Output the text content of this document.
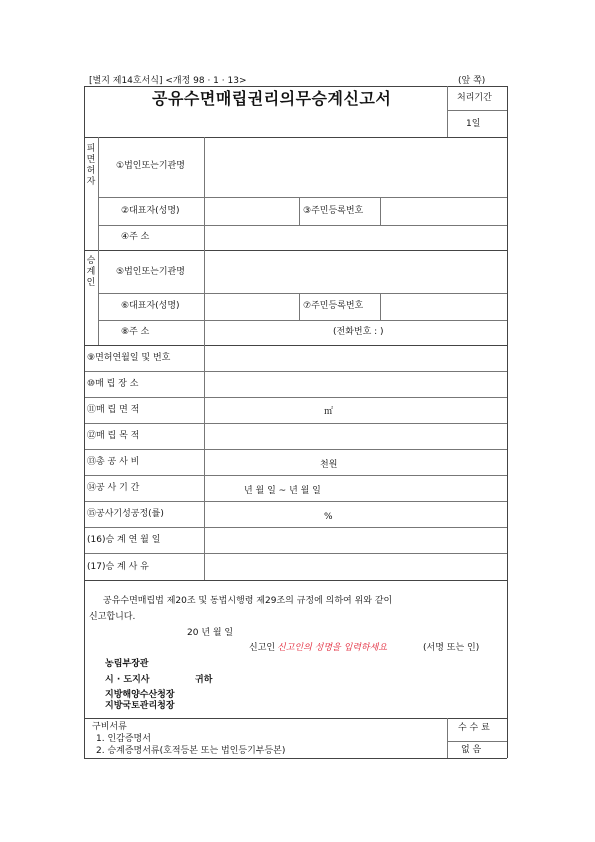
[별지 제14호서식] <개정 98 · 1 · 13>	(앞 쪽)
공유수면매립권리의무승계신고서	처리기간
1일
피면허자
①법인또는기관명
②대표자(성명)	③주민등록번호
④주 소
승계인
⑤법인또는기관명
⑥대표자(성명)	⑦주민등록번호
⑧주 소	(전화번호 : )
⑨면허연월일 및 번호
⑩매 립 장 소
⑪매 립 면 적	㎡
⑫매 립 목 적
⑬총 공 사 비	천원
⑭공 사 기 간	년 월 일 ~ 년 월 일
⑮공사기성공정(률)	%
(16)승 계 연 월 일
(17)승 계 사 유
공유수면매립법 제20조 및 동법시행령 제29조의 규정에 의하여 위와 같이
신고합니다.
20 년 월 일
신고인 신고인의 성명을 입력하세요	(서명 또는 인)
농림부장관
시 · 도지사	귀하
지방해양수산청장
지방국토관리청장
구비서류
1. 인감증명서
2. 승계증명서류(호적등본 또는 법인등기부등본)
수 수 료
없 음
